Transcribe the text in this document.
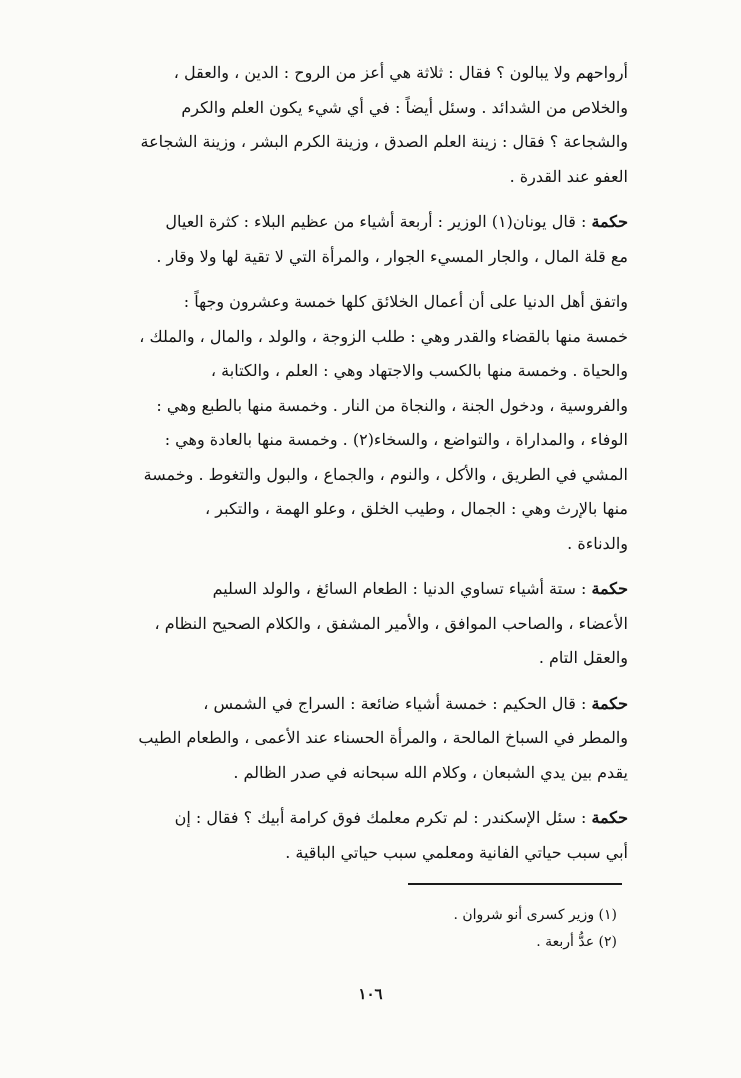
أرواحهم ولا يبالون ؟ فقال : ثلاثة هي أعز من الروح : الدين ، والعقل ،
والخلاص من الشدائد . وسئل أيضاً : في أي شيء يكون العلم والكرم
والشجاعة ؟ فقال : زينة العلم الصدق ، وزينة الكرم البشر ، وزينة الشجاعة
العفو عند القدرة .

حكمة : قال يونان(١) الوزير : أربعة أشياء من عظيم البلاء : كثرة العيال
مع قلة المال ، والجار المسيء الجوار ، والمرأة التي لا تقية لها ولا وقار .

واتفق أهل الدنيا على أن أعمال الخلائق كلها خمسة وعشرون وجهاً :
خمسة منها بالقضاء والقدر وهي : طلب الزوجة ، والولد ، والمال ، والملك ،
والحياة . وخمسة منها بالكسب والاجتهاد وهي : العلم ، والكتابة ،
والفروسية ، ودخول الجنة ، والنجاة من النار . وخمسة منها بالطبع وهي :
الوفاء ، والمداراة ، والتواضع ، والسخاء(٢) . وخمسة منها بالعادة وهي :
المشي في الطريق ، والأكل ، والنوم ، والجماع ، والبول والتغوط . وخمسة
منها بالإرث وهي : الجمال ، وطيب الخلق ، وعلو الهمة ، والتكبر ،
والدناءة .

حكمة : ستة أشياء تساوي الدنيا : الطعام السائغ ، والولد السليم
الأعضاء ، والصاحب الموافق ، والأمير المشفق ، والكلام الصحيح النظام ،
والعقل التام .

حكمة : قال الحكيم : خمسة أشياء ضائعة : السراج في الشمس ،
والمطر في السباخ المالحة ، والمرأة الحسناء عند الأعمى ، والطعام الطيب
يقدم بين يدي الشبعان ، وكلام الله سبحانه في صدر الظالم .

حكمة : سئل الإسكندر : لم تكرم معلمك فوق كرامة أبيك ؟ فقال : إن
أبي سبب حياتي الفانية ومعلمي سبب حياتي الباقية .

(١) وزير كسرى أنو شروان .

(٢) عدُّ أربعة .

١٠٦
